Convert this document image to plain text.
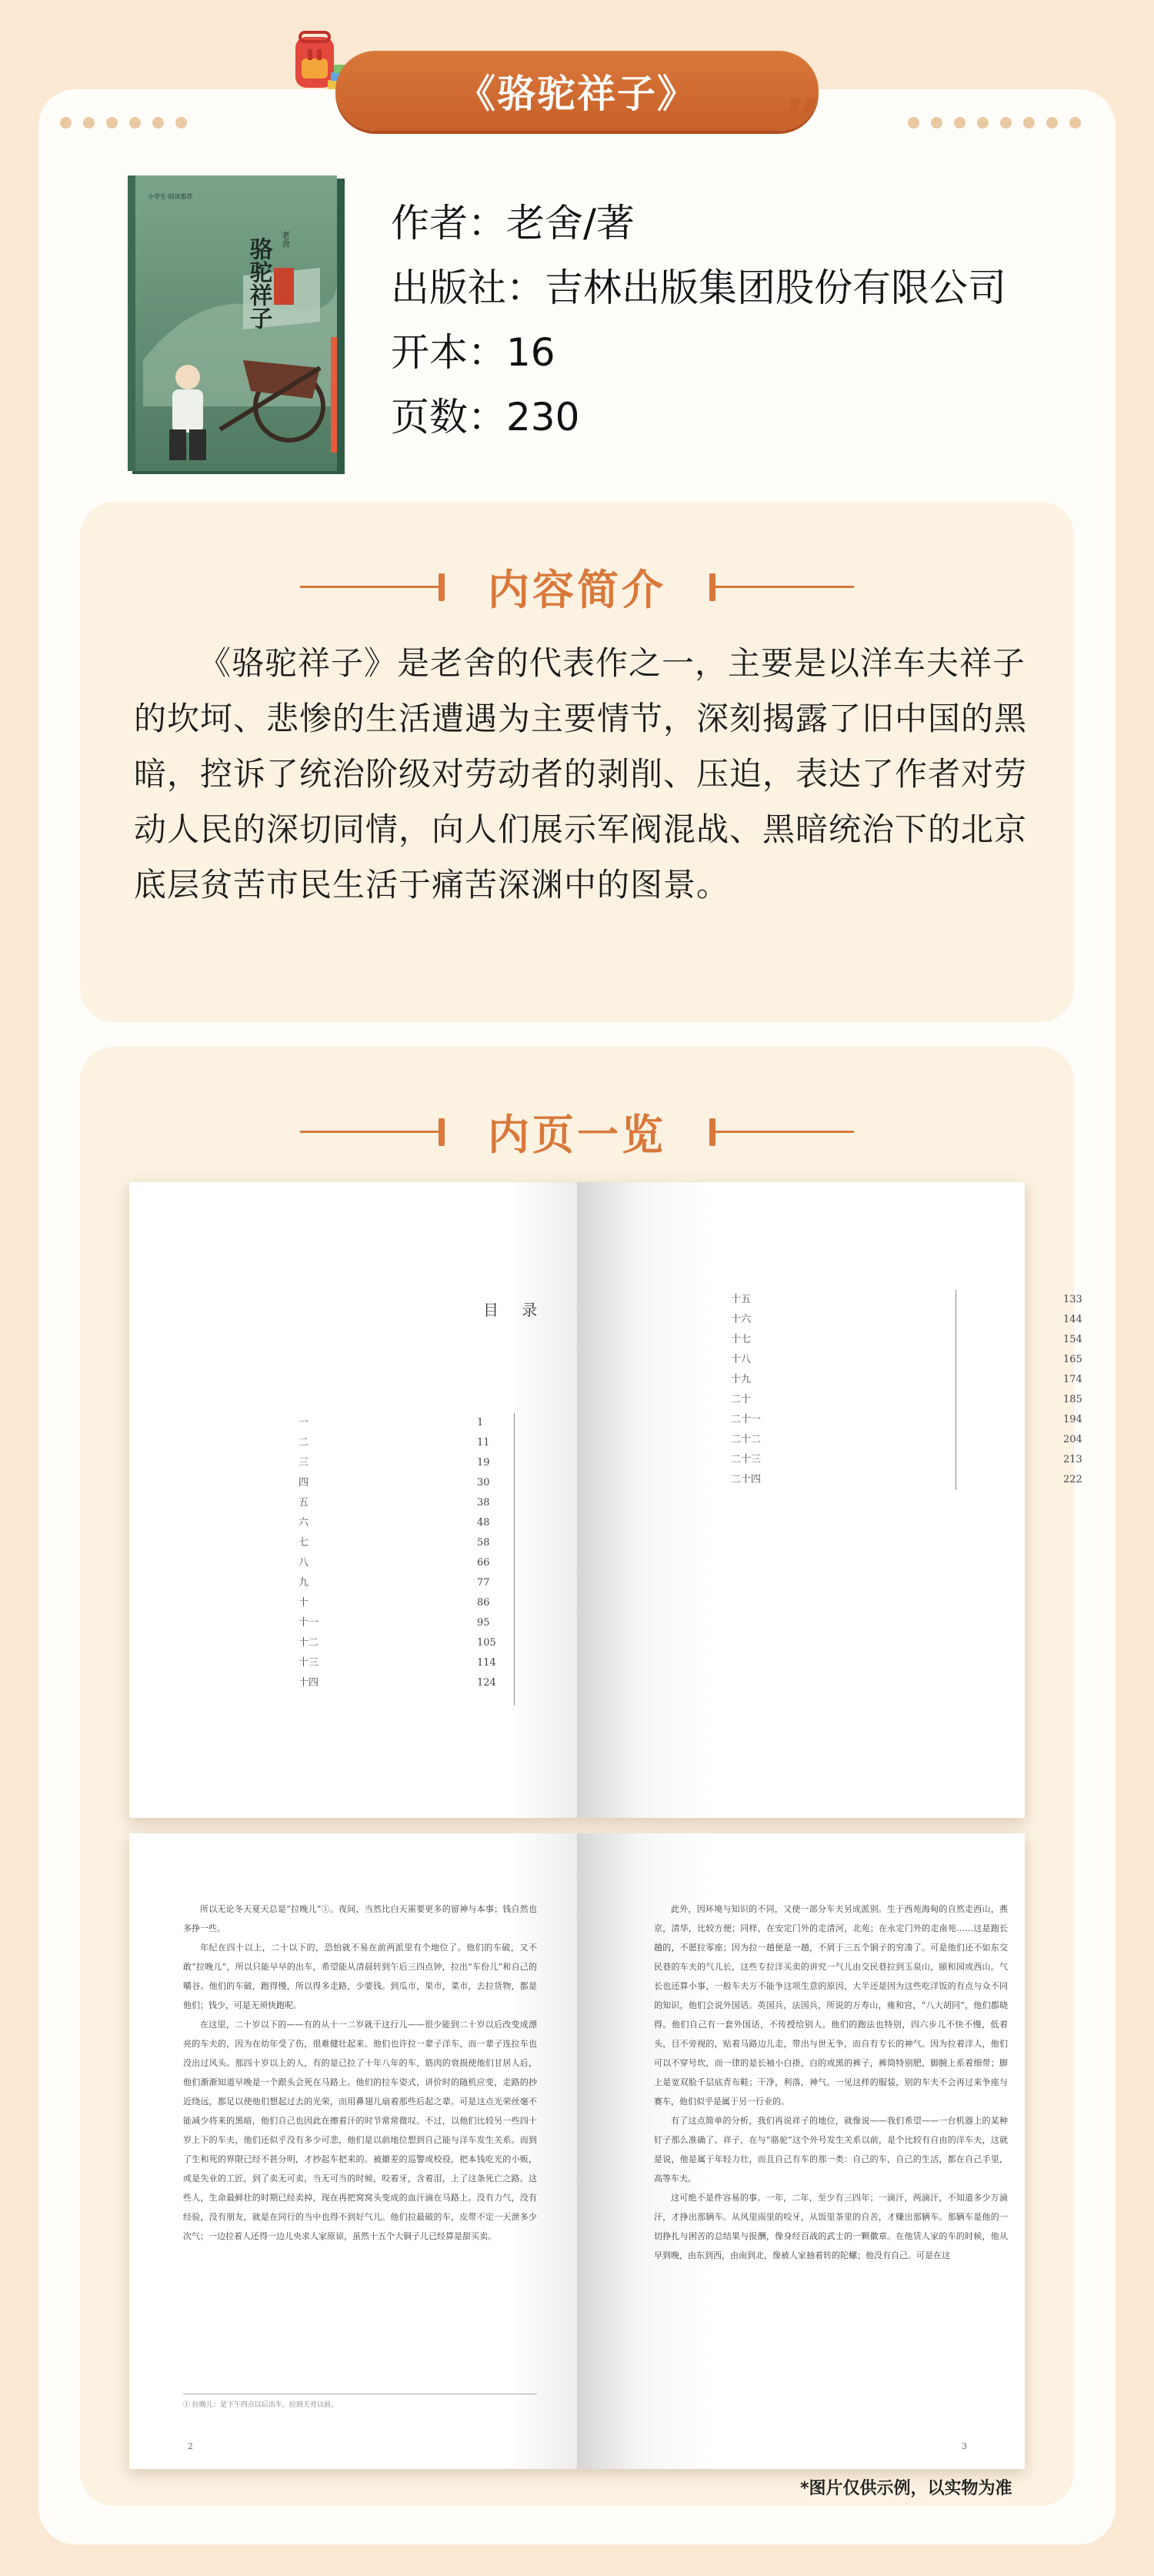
《骆驼祥子》 ”
骆驼祥子 老舍
小学生·阅读推荐
作者：老舍/著
出版社：吉林出版集团股份有限公司
开本：16
页数：230
内容简介

《骆驼祥子》是老舍的代表作之一，主要是以洋车夫祥子的坎坷、悲惨的生活遭遇为主要情节，深刻揭露了旧中国的黑暗，控诉了统治阶级对劳动者的剥削、压迫，表达了作者对劳动人民的深切同情，向人们展示军阀混战、黑暗统治下的北京底层贫苦市民生活于痛苦深渊中的图景。

内页一览
目 录
一	1
二	11
三	19
四	30
五	38
六	48
七	58
八	66
九	77
十	86
十一	95
十二	105
十三	114
十四	124
十五	133
十六	144
十七	154
十八	165
十九	174
二十	185
二十一	194
二十二	204
二十三	213
二十四	222

所以无论冬天夏天总是“拉晚儿”①。夜间，当然比白天需要更多的留神与本事；钱自然也多挣一些。

年纪在四十以上，二十以下的，恐怕就不易在前两派里有个地位了。他们的车破，又不敢“拉晚儿”，所以只能早早的出车，希望能从清晨转到午后三四点钟，拉出“车份儿”和自己的嚼谷。他们的车破，跑得慢，所以得多走路，少要钱。到瓜市，果市，菜市，去拉货物，都是他们；钱少，可是无须快跑呢。

在这里，二十岁以下的——有的从十一二岁就干这行儿——很少能到二十岁以后改变成漂亮的车夫的，因为在幼年受了伤，很难健壮起来。他们也许拉一辈子洋车，而一辈子连拉车也没出过风头。那四十岁以上的人，有的是已拉了十年八年的车，筋肉的衰损使他们甘居人后，他们渐渐知道早晚是一个跟头会死在马路上。他们的拉车姿式，讲价时的随机应变，走路的抄近绕远，都足以使他们想起过去的光荣，而用鼻翅儿扇着那些后起之辈。可是这点光荣丝毫不能减少将来的黑暗，他们自己也因此在擦着汗的时节常常微叹。不过，以他们比较另一些四十岁上下的车夫，他们还似乎没有多少可悲，他们是以前地位想到自己能与洋车发生关系。而到了生和死的界限已经不甚分明，才抄起车把来的。被撤差的巡警或校役，把本钱吃光的小贩，或是失业的工匠，到了卖无可卖，当无可当的时候，咬着牙，含着泪，上了这条死亡之路。这些人，生命最鲜壮的时期已经卖掉，现在再把窝窝头变成的血汗滴在马路上。没有力气，没有经验，没有朋友，就是在同行的当中也得不到好气儿。他们拉最破的车，皮带不定一天泄多少次气；一边拉着人还得一边儿央求人家原谅，虽然十五个大铜子儿已经算是甜买卖。

① 拉晚儿：是下午四点以后出车，拉到天亮以前。
2

此外，因环境与知识的不同，又使一部分车夫另成派别。生于西苑海甸的自然走西山，燕京，清华，比较方便；同样，在安定门外的走清河，北苑；在永定门外的走南苑……这是跑长趟的，不愿拉零座；因为拉一趟便是一趟，不屑于三五个铜子的穷凑了。可是他们还不如东交民巷的车夫的气儿长，这些专拉洋买卖的讲究一气儿由交民巷拉到玉泉山，颐和园或西山。气长也还算小事，一般车夫万不能争这项生意的原因，大半还是因为这些吃洋饭的有点与众不同的知识，他们会说外国话。英国兵，法国兵，所说的万寿山，雍和宫，“八大胡同”，他们都晓得。他们自己有一套外国话，不传授给别人。他们的跑法也特别，四六步儿不快不慢，低着头，目不旁视的，贴着马路边儿走，带出与世无争，而自有专长的神气。因为拉着洋人，他们可以不穿号坎，而一律的是长袖小白褂，白的或黑的裤子，裤筒特别肥，脚腕上系着细带；脚上是宽双脸千层底青布鞋；干净，利落，神气。一见这样的服装，别的车夫不会再过来争座与赛车，他们似乎是属于另一行业的。

有了这点简单的分析，我们再说祥子的地位，就像说——我们希望——一台机器上的某种钉子那么准确了。祥子，在与“骆驼”这个外号发生关系以前，是个比较有自由的洋车夫，这就是说，他是属于年轻力壮，而且自己有车的那一类：自己的车，自己的生活，都在自己手里，高等车夫。

这可绝不是件容易的事。一年，二年，至少有三四年；一滴汗，两滴汗，不知道多少万滴汗，才挣出那辆车。从风里雨里的咬牙，从饭里茶里的自苦，才赚出那辆车。那辆车是他的一切挣扎与困苦的总结果与报酬，像身经百战的武士的一颗徽章。在他赁人家的车的时候，他从早到晚，由东到西，由南到北，像被人家抽着转的陀螺；他没有自己。可是在这

3
*图片仅供示例，以实物为准
